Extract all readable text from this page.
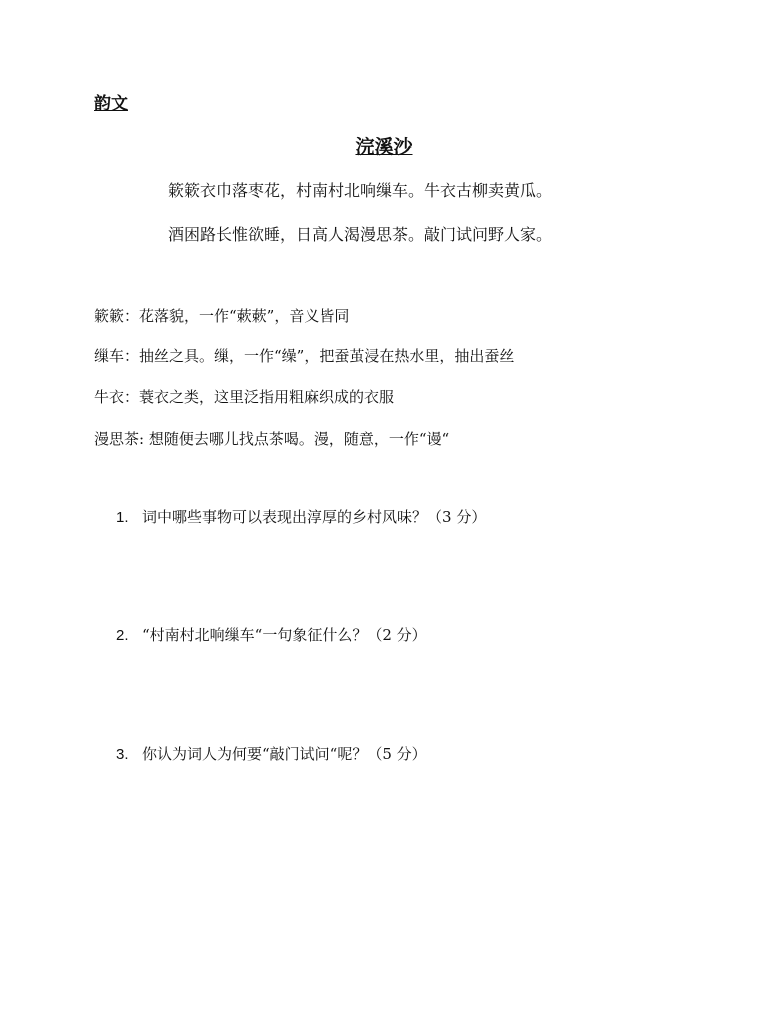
韵文
浣溪沙
簌簌衣巾落枣花，村南村北响缫车。牛衣古柳卖黄瓜。
酒困路长惟欲睡，日高人渴漫思茶。敲门试问野人家。
簌簌：花落貌，一作“蔌蔌”，音义皆同
缫车：抽丝之具。缫，一作“缲”，把蚕茧浸在热水里，抽出蚕丝
牛衣：蓑衣之类，这里泛指用粗麻织成的衣服
漫思茶: 想随便去哪儿找点茶喝。漫，随意，一作“谩“
1. 词中哪些事物可以表现出淳厚的乡村风味？（3 分）
2. “村南村北响缫车“一句象征什么？（2 分）
3. 你认为词人为何要“敲门试问“呢？（5 分）
